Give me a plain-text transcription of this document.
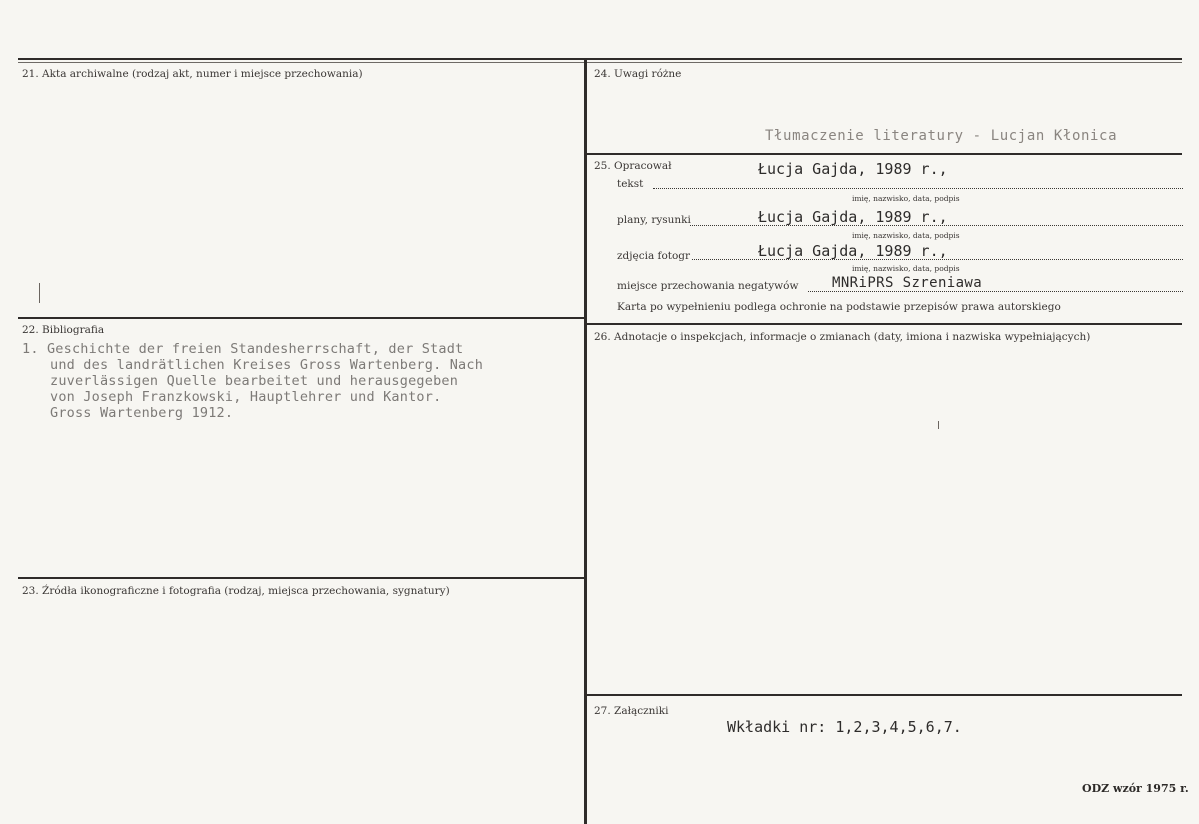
21. Akta archiwalne (rodzaj akt, numer i miejsce przechowania)
22. Bibliografia
1. Geschichte der freien Standesherrschaft, der Stadt
und des landrätlichen Kreises Gross Wartenberg. Nach
zuverlässigen Quelle bearbeitet und herausgegeben
von Joseph Franzkowski, Hauptlehrer und Kantor.
Gross Wartenberg 1912.
23. Źródła ikonograficzne i fotografia (rodzaj, miejsca przechowania, sygnatury)
24. Uwagi różne
Tłumaczenie literatury - Lucjan Kłonica
25. Opracował
tekst
Łucja Gajda, 1989 r.,
imię, nazwisko, data, podpis
plany, rysunki	Łucja Gajda, 1989 r.,
imię, nazwisko, data, podpis
zdjęcia fotogr	Łucja Gajda, 1989 r.,
imię, nazwisko, data, podpis
miejsce przechowania negatywów MNRiPRS Szreniawa
Karta po wypełnieniu podlega ochronie na podstawie przepisów prawa autorskiego
26. Adnotacje o inspekcjach, informacje o zmianach (daty, imiona i nazwiska wypełniających)
27. Załączniki
Wkładki nr: 1,2,3,4,5,6,7.
ODZ wzór 1975 r.
